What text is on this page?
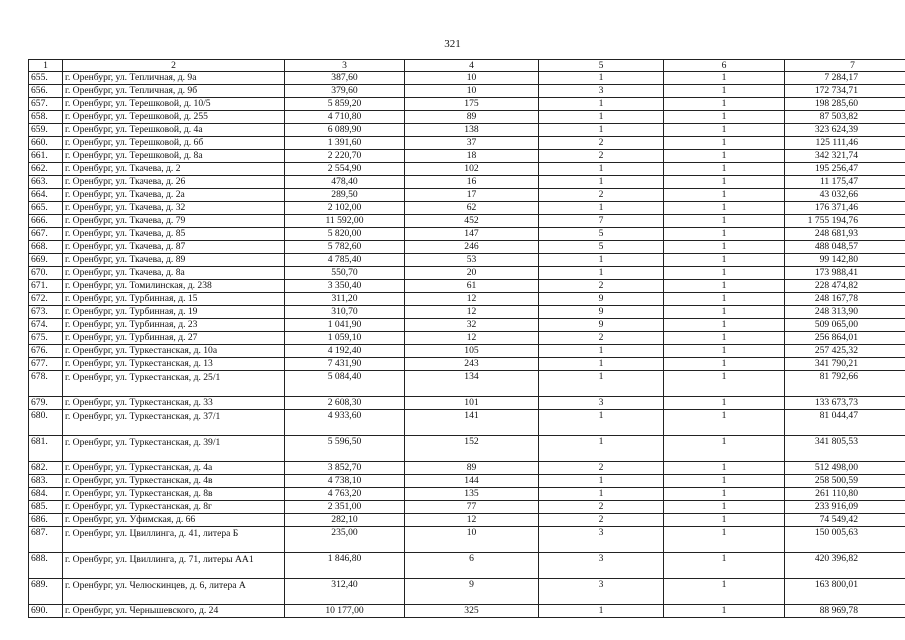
321
1	2	3	4	5	6	7
655.	г. Оренбург, ул. Тепличная, д. 9а	387,60	10	1	1	7 284,17
656.	г. Оренбург, ул. Тепличная, д. 9б	379,60	10	3	1	172 734,71
657.	г. Оренбург, ул. Терешковой, д. 10/5	5 859,20	175	1	1	198 285,60
658.	г. Оренбург, ул. Терешковой, д. 255	4 710,80	89	1	1	87 503,82
659.	г. Оренбург, ул. Терешковой, д. 4а	6 089,90	138	1	1	323 624,39
660.	г. Оренбург, ул. Терешковой, д. 6б	1 391,60	37	2	1	125 111,46
661.	г. Оренбург, ул. Терешковой, д. 8а	2 220,70	18	2	1	342 321,74
662.	г. Оренбург, ул. Ткачева, д. 2	2 554,90	102	1	1	195 256,47
663.	г. Оренбург, ул. Ткачева, д. 26	478,40	16	1	1	11 175,47
664.	г. Оренбург, ул. Ткачева, д. 2а	289,50	17	2	1	43 032,66
665.	г. Оренбург, ул. Ткачева, д. 32	2 102,00	62	1	1	176 371,46
666.	г. Оренбург, ул. Ткачева, д. 79	11 592,00	452	7	1	1 755 194,76
667.	г. Оренбург, ул. Ткачева, д. 85	5 820,00	147	5	1	248 681,93
668.	г. Оренбург, ул. Ткачева, д. 87	5 782,60	246	5	1	488 048,57
669.	г. Оренбург, ул. Ткачева, д. 89	4 785,40	53	1	1	99 142,80
670.	г. Оренбург, ул. Ткачева, д. 8а	550,70	20	1	1	173 988,41
671.	г. Оренбург, ул. Томилинская, д. 238	3 350,40	61	2	1	228 474,82
672.	г. Оренбург, ул. Турбинная, д. 15	311,20	12	9	1	248 167,78
673.	г. Оренбург, ул. Турбинная, д. 19	310,70	12	9	1	248 313,90
674.	г. Оренбург, ул. Турбинная, д. 23	1 041,90	32	9	1	509 065,00
675.	г. Оренбург, ул. Турбинная, д. 27	1 059,10	12	2	1	256 864,01
676.	г. Оренбург, ул. Туркестанская, д. 10а	4 192,40	105	1	1	257 425,32
677.	г. Оренбург, ул. Туркестанская, д. 13	7 431,90	243	1	1	341 790,21
678.	г. Оренбург, ул. Туркестанская, д. 25/1	5 084,40	134	1	1	81 792,66
679.	г. Оренбург, ул. Туркестанская, д. 33	2 608,30	101	3	1	133 673,73
680.	г. Оренбург, ул. Туркестанская, д. 37/1	4 933,60	141	1	1	81 044,47
681.	г. Оренбург, ул. Туркестанская, д. 39/1	5 596,50	152	1	1	341 805,53
682.	г. Оренбург, ул. Туркестанская, д. 4а	3 852,70	89	2	1	512 498,00
683.	г. Оренбург, ул. Туркестанская, д. 4в	4 738,10	144	1	1	258 500,59
684.	г. Оренбург, ул. Туркестанская, д. 8в	4 763,20	135	1	1	261 110,80
685.	г. Оренбург, ул. Туркестанская, д. 8г	2 351,00	77	2	1	233 916,09
686.	г. Оренбург, ул. Уфимская, д. 66	282,10	12	2	1	74 549,42
687.	г. Оренбург, ул. Цвиллинга, д. 41, литера Б	235,00	10	3	1	150 005,63
688.	г. Оренбург, ул. Цвиллинга, д. 71, литеры АА1	1 846,80	6	3	1	420 396,82
689.	г. Оренбург, ул. Челюскинцев, д. 6, литера А	312,40	9	3	1	163 800,01
690.	г. Оренбург, ул. Чернышевского, д. 24	10 177,00	325	1	1	88 969,78
